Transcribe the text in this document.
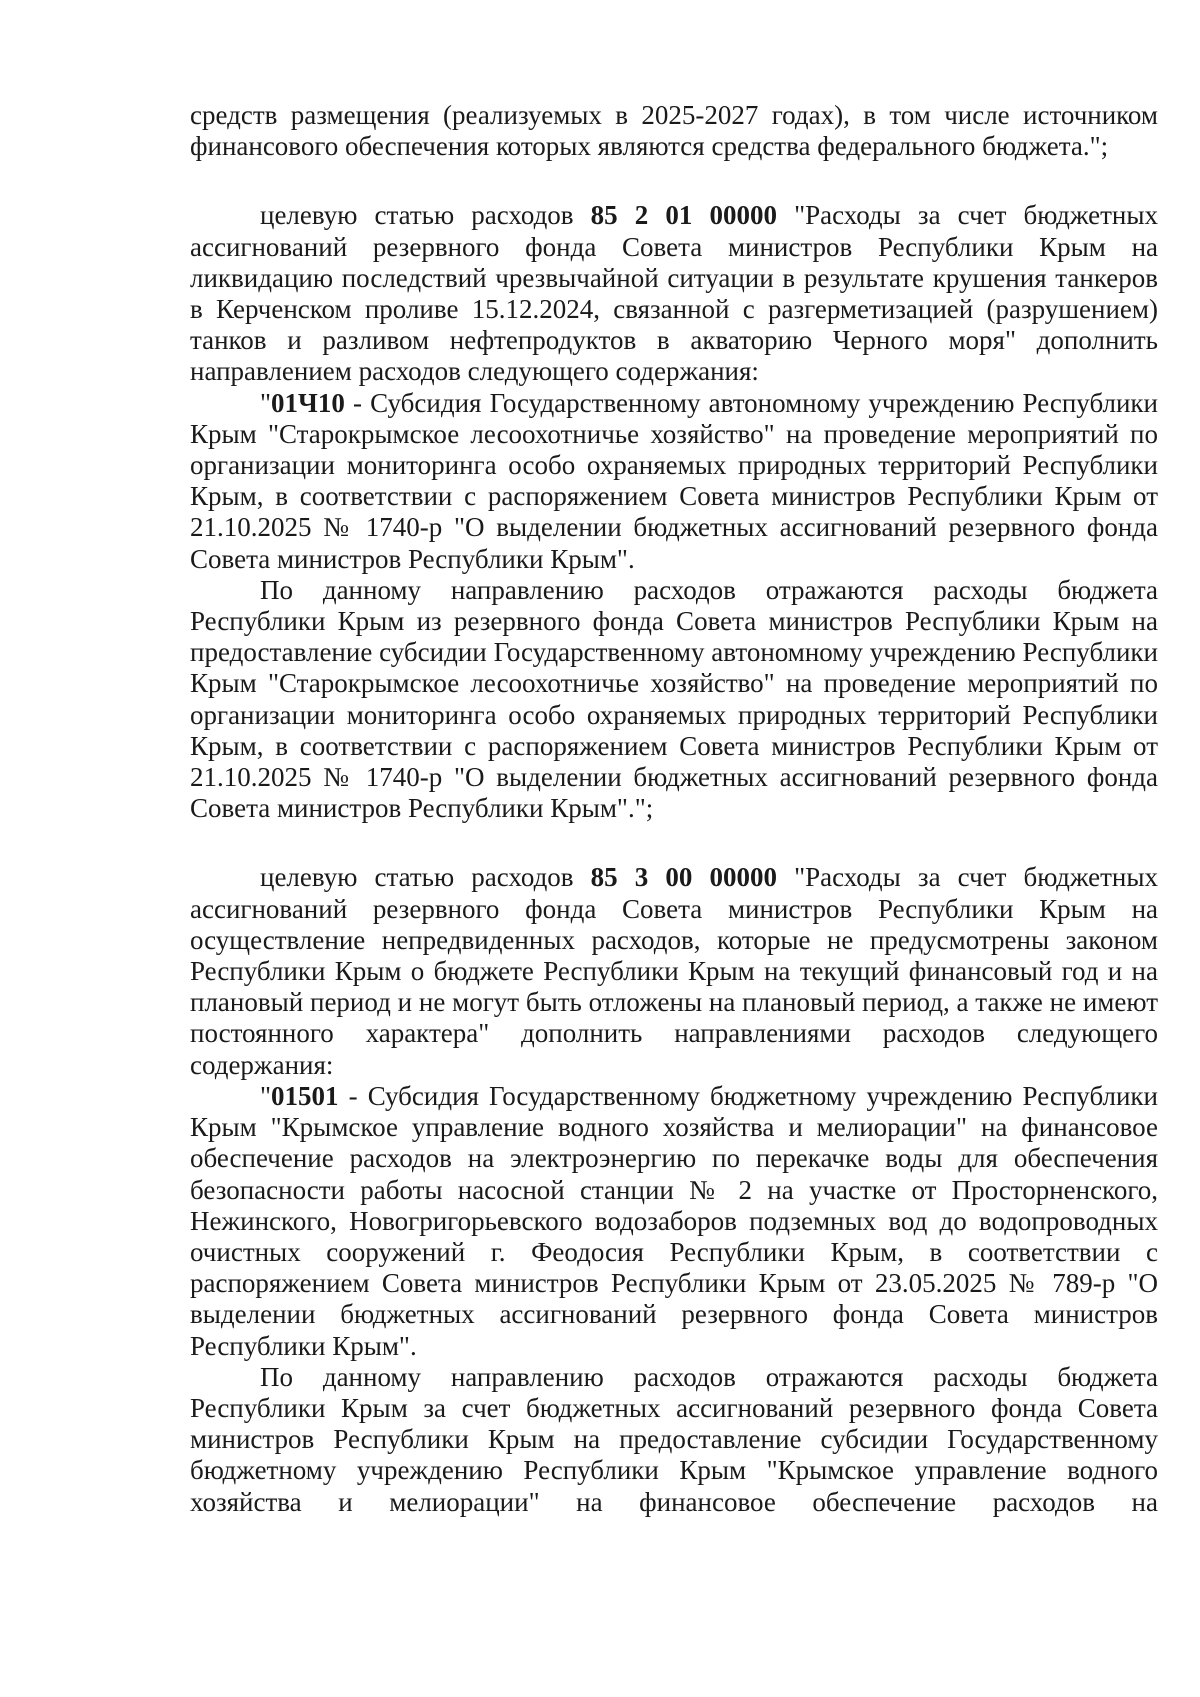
средств размещения (реализуемых в 2025-2027 годах), в том числе источником финансового обеспечения которых являются средства федерального бюджета.";

целевую статью расходов 85 2 01 00000 "Расходы за счет бюджетных ассигнований резервного фонда Совета министров Республики Крым на ликвидацию последствий чрезвычайной ситуации в результате крушения танкеров в Керченском проливе 15.12.2024, связанной с разгерметизацией (разрушением) танков и разливом нефтепродуктов в акваторию Черного моря" дополнить направлением расходов следующего содержания:

"01Ч10 - Субсидия Государственному автономному учреждению Республики Крым "Старокрымское лесоохотничье хозяйство" на проведение мероприятий по организации мониторинга особо охраняемых природных территорий Республики Крым, в соответствии с распоряжением Совета министров Республики Крым от 21.10.2025 № 1740-р "О выделении бюджетных ассигнований резервного фонда Совета министров Республики Крым".

По данному направлению расходов отражаются расходы бюджета Республики Крым из резервного фонда Совета министров Республики Крым на предоставление субсидии Государственному автономному учреждению Республики Крым "Старокрымское лесоохотничье хозяйство" на проведение мероприятий по организации мониторинга особо охраняемых природных территорий Республики Крым, в соответствии с распоряжением Совета министров Республики Крым от 21.10.2025 № 1740-р "О выделении бюджетных ассигнований резервного фонда Совета министров Республики Крым".";

целевую статью расходов 85 3 00 00000 "Расходы за счет бюджетных ассигнований резервного фонда Совета министров Республики Крым на осуществление непредвиденных расходов, которые не предусмотрены законом Республики Крым о бюджете Республики Крым на текущий финансовый год и на плановый период и не могут быть отложены на плановый период, а также не имеют постоянного характера" дополнить направлениями расходов следующего содержания:

"01501 - Субсидия Государственному бюджетному учреждению Республики Крым "Крымское управление водного хозяйства и мелиорации" на финансовое обеспечение расходов на электроэнергию по перекачке воды для обеспечения безопасности работы насосной станции № 2 на участке от Просторненского, Нежинского, Новогригорьевского водозаборов подземных вод до водопроводных очистных сооружений г. Феодосия Республики Крым, в соответствии с распоряжением Совета министров Республики Крым от 23.05.2025 № 789-р "О выделении бюджетных ассигнований резервного фонда Совета министров Республики Крым".

По данному направлению расходов отражаются расходы бюджета Республики Крым за счет бюджетных ассигнований резервного фонда Совета министров Республики Крым на предоставление субсидии Государственному бюджетному учреждению Республики Крым "Крымское управление водного хозяйства и мелиорации" на финансовое обеспечение расходов на
